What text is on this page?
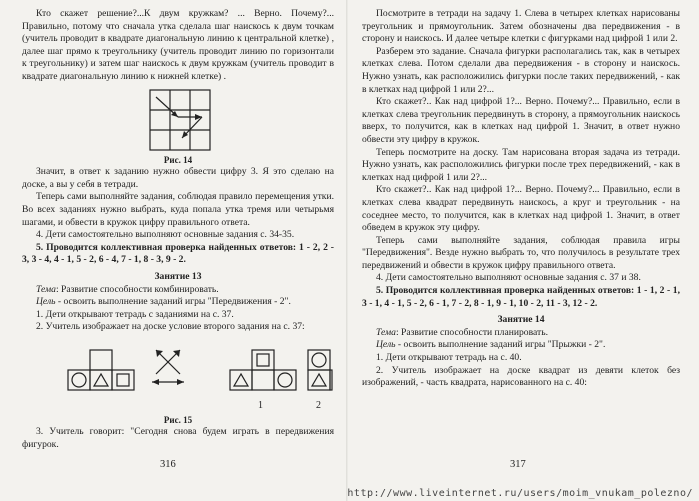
Кто скажет решение?...К двум кружкам? ... Верно. Почему?... Правильно, потому что сначала утка сделала шаг наискось к двум точкам (учитель проводит в квадрате диагональную линию к центральной клетке) , далее шаг прямо к треугольнику (учитель проводит линию по горизонтали к треугольнику) и затем шаг наискось к двум кружкам (учитель проводит в квадрате диагональную линию к нижней клетке) .

Рис. 14

Значит, в ответ к заданию нужно обвести цифру 3. Я это сделаю на доске, а вы у себя в тетради.

Теперь сами выполняйте задания, соблюдая правило перемещения утки. Во всех заданиях нужно выбрать, куда попала утка тремя или четырьмя шагами, и обвести в кружок цифру правильного ответа.

4. Дети самостоятельно выполняют основные задания с. 34-35.

5. Проводится коллективная проверка найденных ответов: 1 - 2, 2 - 3, 3 - 4, 4 - 1, 5 - 2, 6 - 4, 7 - 1, 8 - 3, 9 - 2.

Занятие 13

Тема: Развитие способности комбинировать.

Цель - освоить выполнение заданий игры "Передвижения - 2".

1. Дети открывают тетрадь с заданиями на с. 37.

2. Учитель изображает на доске условие второго задания на с. 37:

1	2

Рис. 15

3. Учитель говорит: "Сегодня снова будем играть в передвижения фигурок.

316

Посмотрите в тетради на задачу 1. Слева в четырех клетках нарисованы треугольник и прямоугольник. Затем обозначены два передвижения - в сторону и наискось. И далее четыре клетки с фигурками над цифрой 1 или 2.

Разберем это задание. Сначала фигурки располагались так, как в четырех клетках слева. Потом сделали два передвижения - в сторону и наискось. Нужно узнать, как расположились фигурки после таких передвижений, - как в клетках над цифрой 1 или 2?...

Кто скажет?.. Как над цифрой 1?... Верно. Почему?... Правильно, если в клетках слева треугольник передвинуть в сторону, а прямоугольник наискось вверх, то получится, как в клетках над цифрой 1. Значит, в ответ нужно обвести эту цифру в кружок.

Теперь посмотрите на доску. Там нарисована вторая задача из тетради. Нужно узнать, как расположились фигурки после трех передвижений, - как в клетках над цифрой 1 или 2?...

Кто скажет?.. Как над цифрой 1?... Верно. Почему?... Правильно, если в клетках слева квадрат передвинуть наискось, а круг и треугольник - на соседнее место, то получится, как в клетках над цифрой 1. Значит, в ответ обведем в кружок эту цифру.

Теперь сами выполняйте задания, соблюдая правила игры "Передвижения". Везде нужно выбрать то, что получилось в результате трех передвижений и обвести в кружок цифру правильного ответа.

4. Дети самостоятельно выполняют основные задания с. 37 и 38.

5. Проводится коллективная проверка найденных ответов: 1 - 1, 2 - 1, 3 - 1, 4 - 1, 5 - 2, 6 - 1, 7 - 2, 8 - 1, 9 - 1, 10 - 2, 11 - 3, 12 - 2.

Занятие 14

Тема: Развитие способности планировать.

Цель - освоить выполнение заданий игры "Прыжки - 2".

1. Дети открывают тетрадь на с. 40.

2. Учитель изображает на доске квадрат из девяти клеток без изображений, - часть квадрата, нарисованного на с. 40:

317
http://www.liveinternet.ru/users/moim_vnukam_polezno/
